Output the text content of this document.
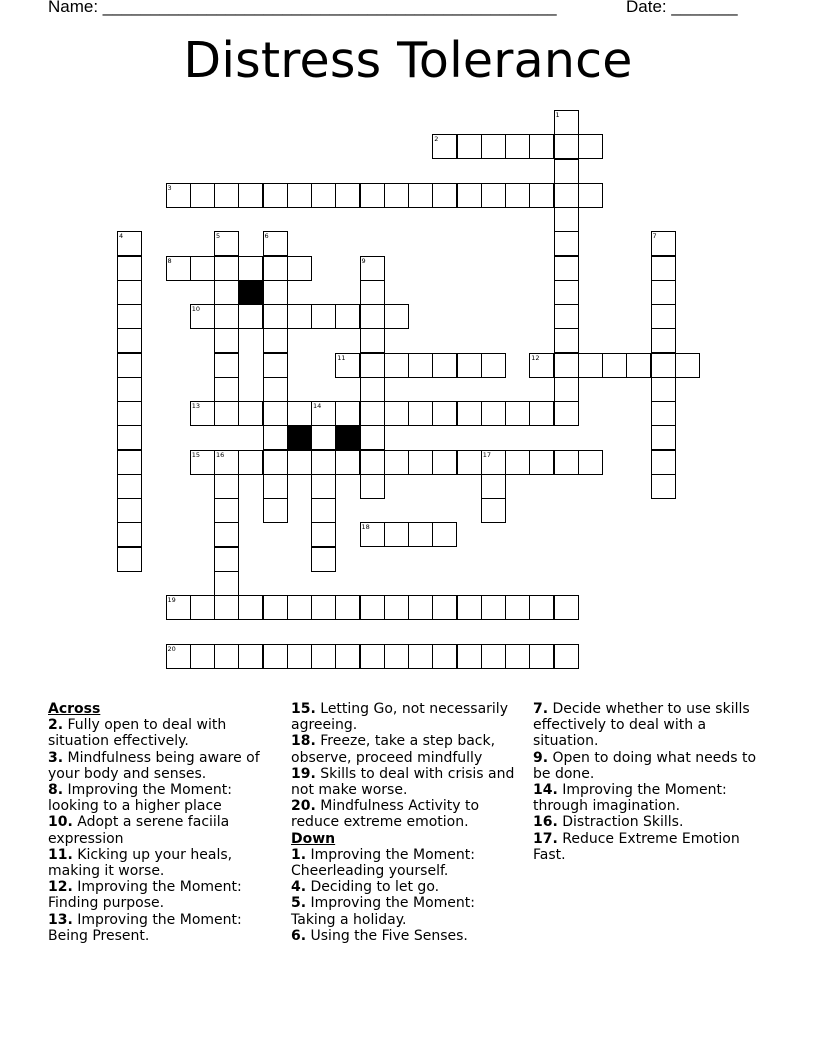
Name: ________________________________________________	Date: _______
Distress Tolerance
1
2
3
4	5	6	7
8	9
10
11	12
13	14
15 16	17
18
19
20
Across
2. Fully open to deal with situation effectively.
3. Mindfulness being aware of your body and senses.
8. Improving the Moment: looking to a higher place
10. Adopt a serene faciila expression
11. Kicking up your heals, making it worse.
12. Improving the Moment: Finding purpose.
13. Improving the Moment: Being Present.
15. Letting Go, not necessarily agreeing.
18. Freeze, take a step back, observe, proceed mindfully
19. Skills to deal with crisis and not make worse.
20. Mindfulness Activity to reduce extreme emotion.
Down
1. Improving the Moment: Cheerleading yourself.
4. Deciding to let go.
5. Improving the Moment: Taking a holiday.
6. Using the Five Senses.
7. Decide whether to use skills effectively to deal with a situation.
9. Open to doing what needs to be done.
14. Improving the Moment: through imagination.
16. Distraction Skills.
17. Reduce Extreme Emotion Fast.
